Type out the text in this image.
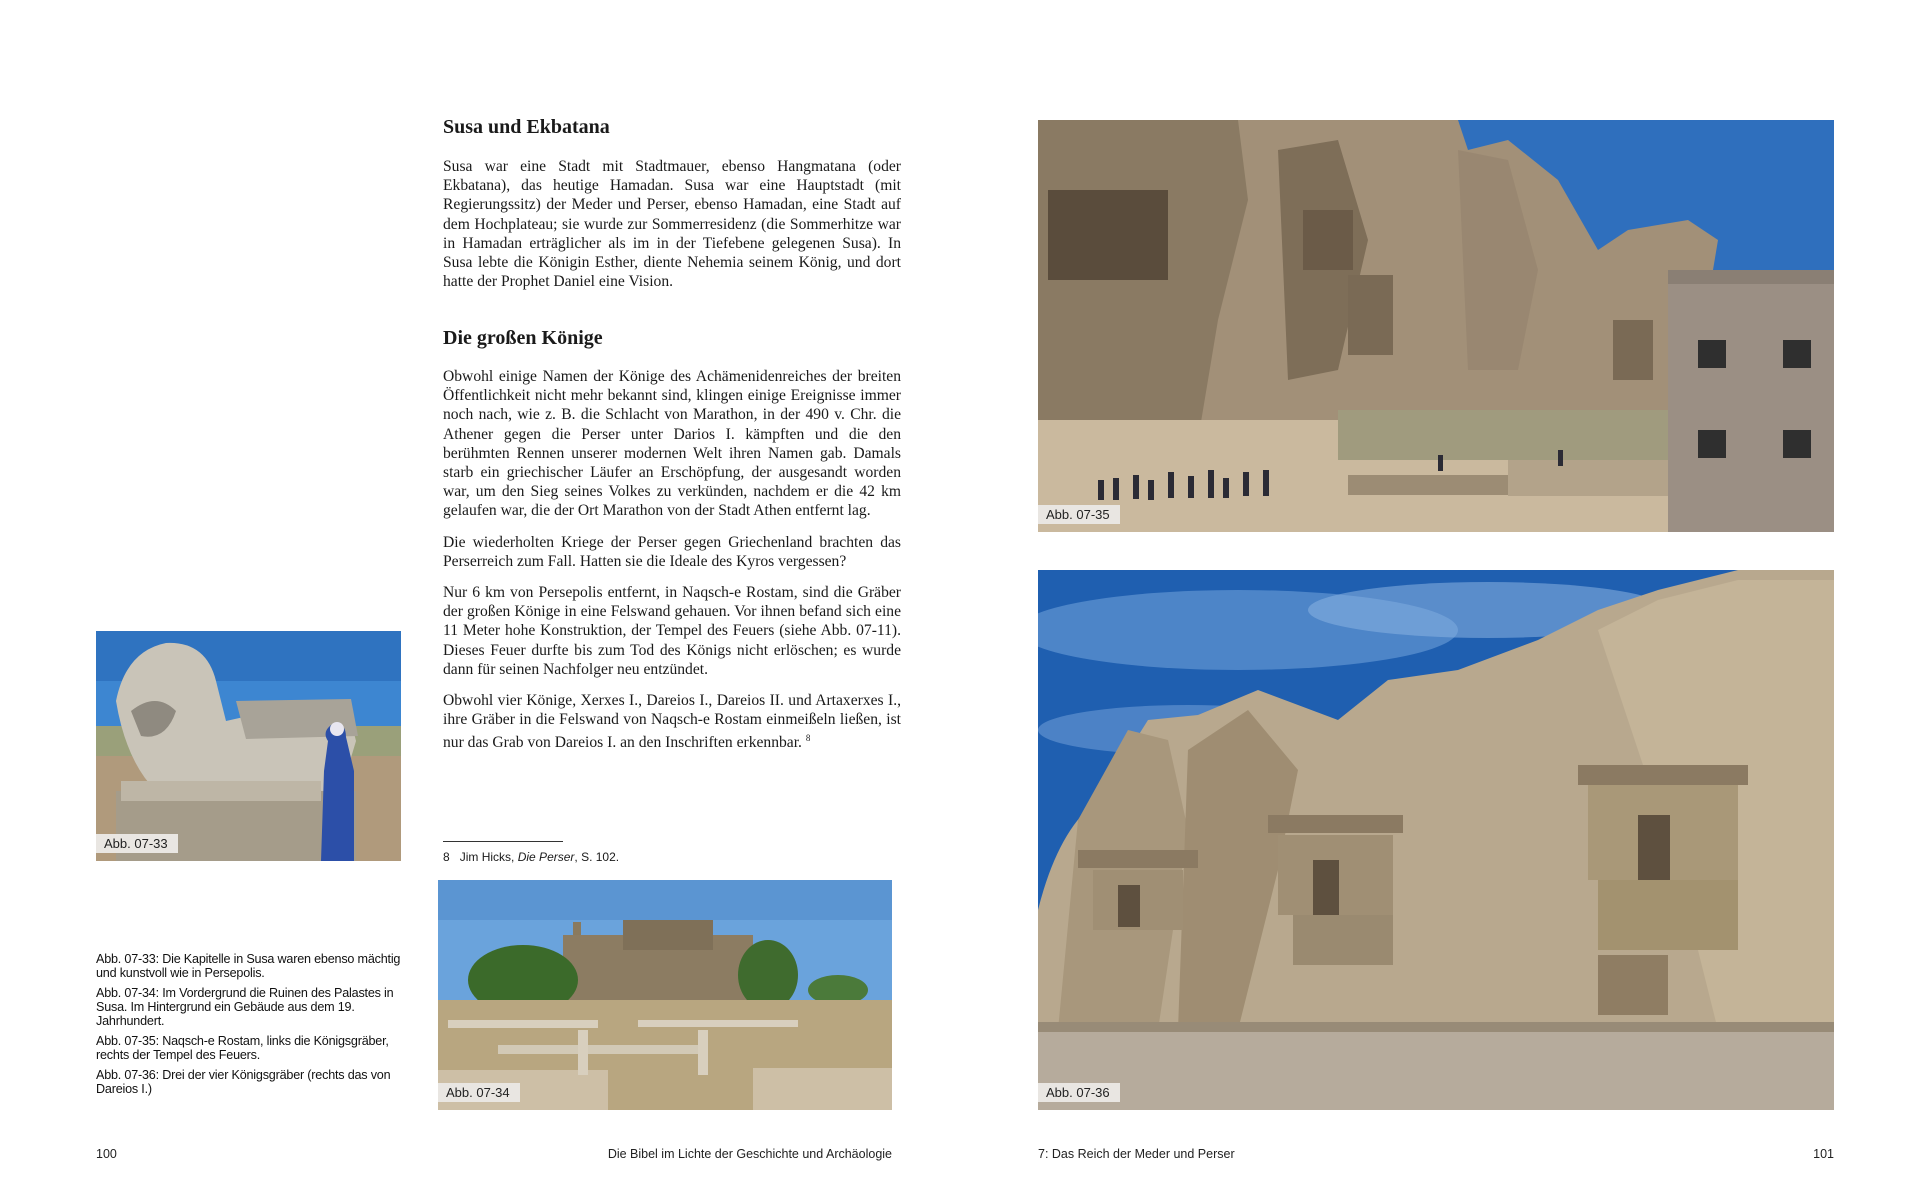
Susa und Ekbatana

Susa war eine Stadt mit Stadtmauer, ebenso Hangmatana (oder Ekbatana), das heutige Hamadan. Susa war eine Hauptstadt (mit Regierungssitz) der Meder und Perser, ebenso Hamadan, eine Stadt auf dem Hochplateau; sie wurde zur Sommerresidenz (die Sommerhitze war in Hamadan erträglicher als im in der Tiefebene gelegenen Susa). In Susa lebte die Königin Esther, diente Nehemia seinem König, und dort hatte der Prophet Daniel eine Vision.

Die großen Könige

Obwohl einige Namen der Könige des Achämenidenreiches der breiten Öffentlichkeit nicht mehr bekannt sind, klingen einige Ereignisse immer noch nach, wie z. B. die Schlacht von Marathon, in der 490 v. Chr. die Athener gegen die Perser unter Darios I. kämpften und die den berühmten Rennen unserer modernen Welt ihren Namen gab. Damals starb ein griechischer Läufer an Erschöpfung, der ausgesandt worden war, um den Sieg seines Volkes zu verkünden, nachdem er die 42 km gelaufen war, die der Ort Marathon von der Stadt Athen entfernt lag.

Die wiederholten Kriege der Perser gegen Griechenland brachten das Perserreich zum Fall. Hatten sie die Ideale des Kyros vergessen?

Nur 6 km von Persepolis entfernt, in Naqsch-e Rostam, sind die Gräber der großen Könige in eine Felswand gehauen. Vor ihnen befand sich eine 11 Meter hohe Konstruktion, der Tempel des Feuers (siehe Abb. 07-11). Dieses Feuer durfte bis zum Tod des Königs nicht erlöschen; es wurde dann für seinen Nachfolger neu entzündet.

Obwohl vier Könige, Xerxes I., Dareios I., Dareios II. und Artaxerxes I., ihre Gräber in die Felswand von Naqsch-e Rostam einmeißeln ließen, ist nur das Grab von Dareios I. an den Inschriften erkennbar. $^8$

8 Jim Hicks, Die Perser, S. 102.
Abb. 07-33
Abb. 07-34

Abb. 07-33: Die Kapitelle in Susa waren ebenso mächtig und kunstvoll wie in Persepolis.

Abb. 07-34: Im Vordergrund die Ruinen des Palastes in Susa. Im Hintergrund ein Gebäude aus dem 19. Jahrhundert.

Abb. 07-35: Naqsch-e Rostam, links die Königsgräber, rechts der Tempel des Feuers.

Abb. 07-36: Drei der vier Königsgräber (rechts das von Dareios I.)

100	Die Bibel im Lichte der Geschichte und Archäologie
Abb. 07-35
Abb. 07-36
7: Das Reich der Meder und Perser	101
